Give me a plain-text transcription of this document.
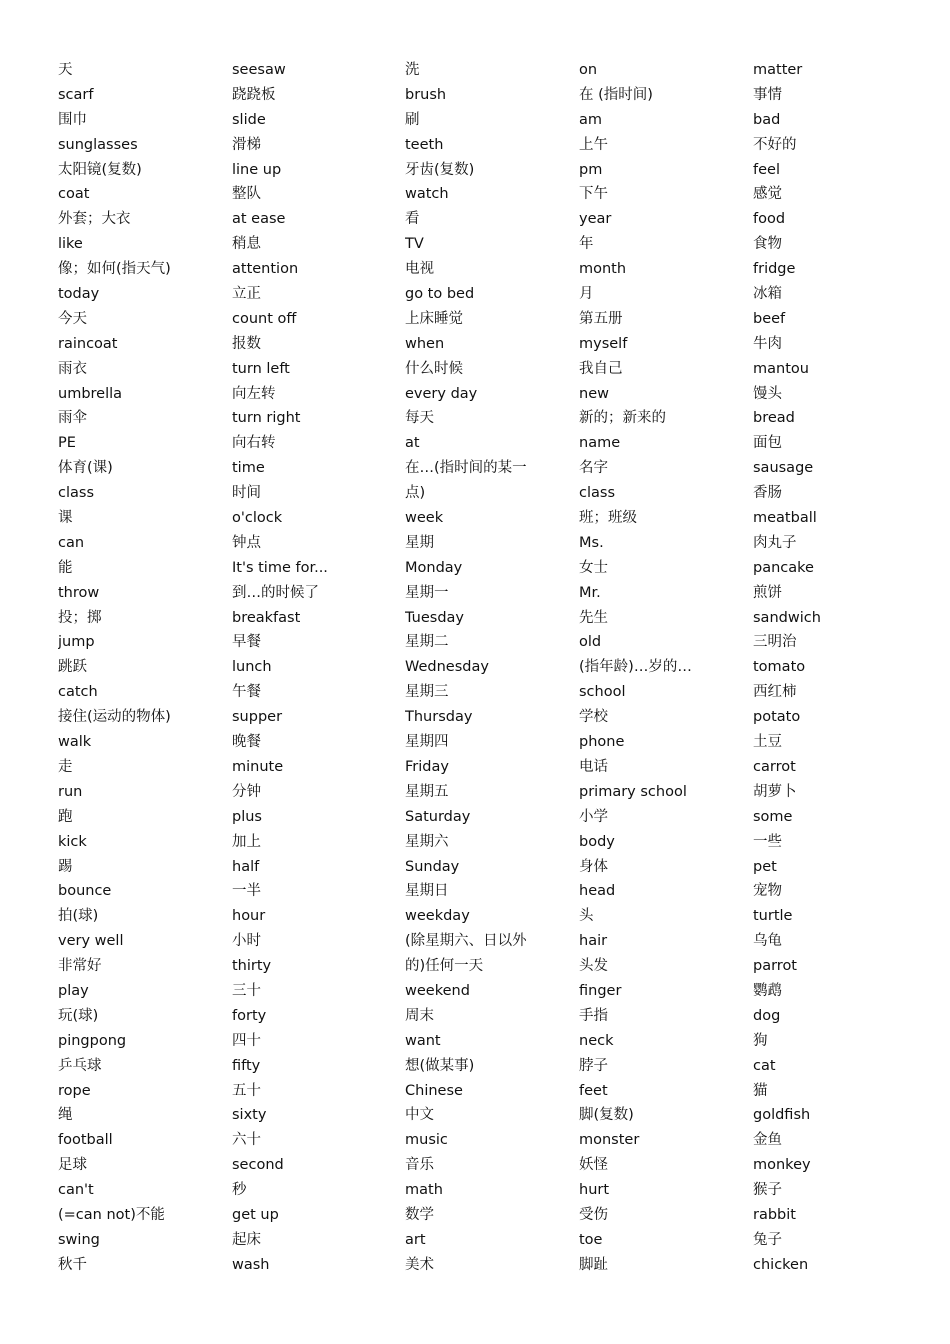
天
scarf
围巾
sunglasses
太阳镜(复数)
coat
外套；大衣
like
像；如何(指天气)
today
今天
raincoat
雨衣
umbrella
雨伞
PE
体育(课)
class
课
can
能
throw
投；掷
jump
跳跃
catch
接住(运动的物体)
walk
走
run
跑
kick
踢
bounce
拍(球)
very well
非常好
play
玩(球)
pingpong
乒乓球
rope
绳
football
足球
can't
(=can not)不能
swing
秋千
seesaw
跷跷板
slide
滑梯
line up
整队
at ease
稍息
attention
立正
count off
报数
turn left
向左转
turn right
向右转
time
时间
o'clock
钟点
It's time for...
到…的时候了
breakfast
早餐
lunch
午餐
supper
晚餐
minute
分钟
plus
加上
half
一半
hour
小时
thirty
三十
forty
四十
fifty
五十
sixty
六十
second
秒
get up
起床
wash
洗
brush
刷
teeth
牙齿(复数)
watch
看
TV
电视
go to bed
上床睡觉
when
什么时候
every day
每天
at
在…(指时间的某一
点)
week
星期
Monday
星期一
Tuesday
星期二
Wednesday
星期三
Thursday
星期四
Friday
星期五
Saturday
星期六
Sunday
星期日
weekday
(除星期六、日以外
的)任何一天
weekend
周末
want
想(做某事)
Chinese
中文
music
音乐
math
数学
art
美术
on
在 (指时间)
am
上午
pm
下午
year
年
month
月
第五册
myself
我自己
new
新的；新来的
name
名字
class
班；班级
Ms.
女士
Mr.
先生
old
(指年龄)…岁的…
school
学校
phone
电话
primary school
小学
body
身体
head
头
hair
头发
finger
手指
neck
脖子
feet
脚(复数)
monster
妖怪
hurt
受伤
toe
脚趾
matter
事情
bad
不好的
feel
感觉
food
食物
fridge
冰箱
beef
牛肉
mantou
馒头
bread
面包
sausage
香肠
meatball
肉丸子
pancake
煎饼
sandwich
三明治
tomato
西红柿
potato
土豆
carrot
胡萝卜
some
一些
pet
宠物
turtle
乌龟
parrot
鹦鹉
dog
狗
cat
猫
goldfish
金鱼
monkey
猴子
rabbit
兔子
chicken
